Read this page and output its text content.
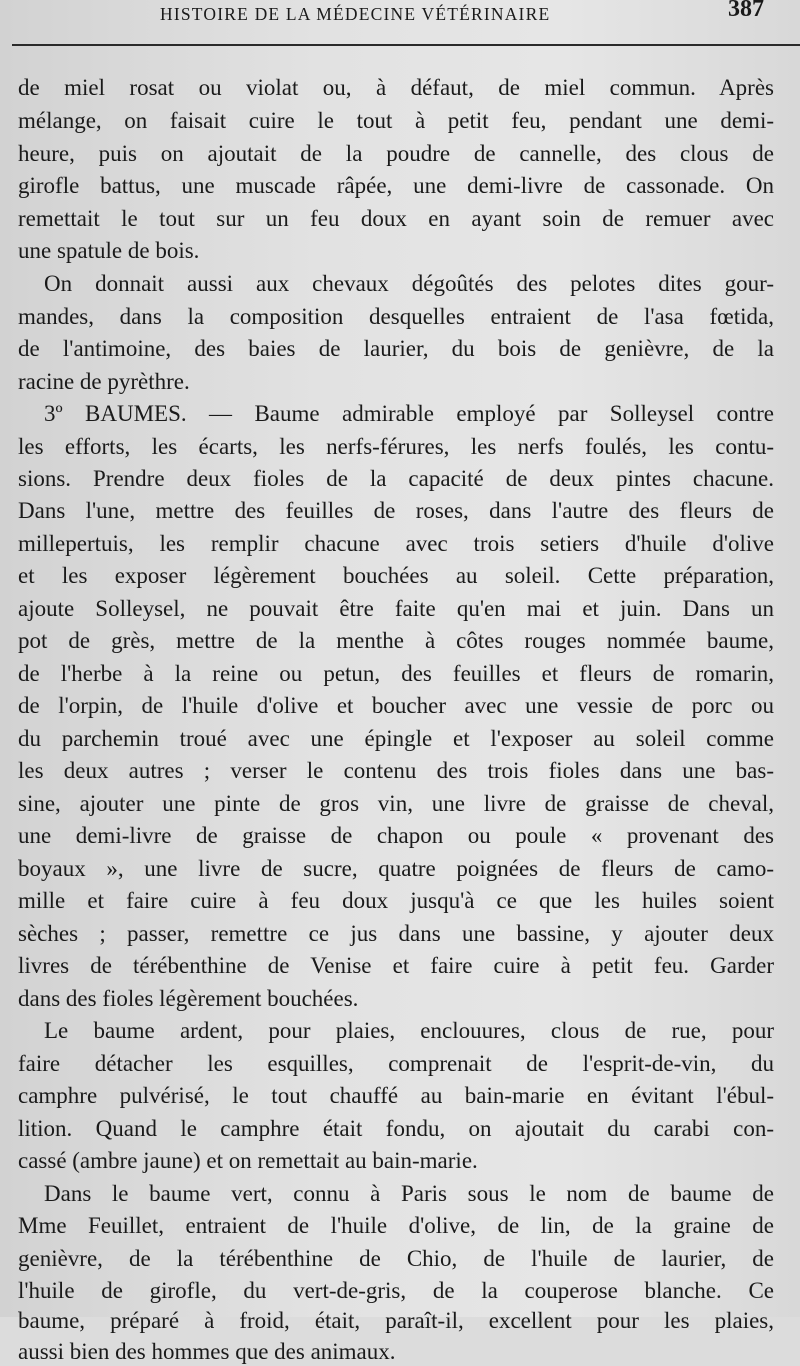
HISTOIRE DE LA MÉDECINE VÉTÉRINAIRE	387
de miel rosat ou violat ou, à défaut, de miel commun. Après
mélange, on faisait cuire le tout à petit feu, pendant une demi-
heure, puis on ajoutait de la poudre de cannelle, des clous de
girofle battus, une muscade râpée, une demi-livre de cassonade. On
remettait le tout sur un feu doux en ayant soin de remuer avec
une spatule de bois.
On donnait aussi aux chevaux dégoûtés des pelotes dites gour-
mandes, dans la composition desquelles entraient de l'asa fœtida,
de l'antimoine, des baies de laurier, du bois de genièvre, de la
racine de pyrèthre.
3º BAUMES. — Baume admirable employé par Solleysel contre
les efforts, les écarts, les nerfs-férures, les nerfs foulés, les contu-
sions. Prendre deux fioles de la capacité de deux pintes chacune.
Dans l'une, mettre des feuilles de roses, dans l'autre des fleurs de
millepertuis, les remplir chacune avec trois setiers d'huile d'olive
et les exposer légèrement bouchées au soleil. Cette préparation,
ajoute Solleysel, ne pouvait être faite qu'en mai et juin. Dans un
pot de grès, mettre de la menthe à côtes rouges nommée baume,
de l'herbe à la reine ou petun, des feuilles et fleurs de romarin,
de l'orpin, de l'huile d'olive et boucher avec une vessie de porc ou
du parchemin troué avec une épingle et l'exposer au soleil comme
les deux autres ; verser le contenu des trois fioles dans une bas-
sine, ajouter une pinte de gros vin, une livre de graisse de cheval,
une demi-livre de graisse de chapon ou poule « provenant des
boyaux », une livre de sucre, quatre poignées de fleurs de camo-
mille et faire cuire à feu doux jusqu'à ce que les huiles soient
sèches ; passer, remettre ce jus dans une bassine, y ajouter deux
livres de térébenthine de Venise et faire cuire à petit feu. Garder
dans des fioles légèrement bouchées.
Le baume ardent, pour plaies, enclouures, clous de rue, pour
faire détacher les esquilles, comprenait de l'esprit-de-vin, du
camphre pulvérisé, le tout chauffé au bain-marie en évitant l'ébul-
lition. Quand le camphre était fondu, on ajoutait du carabi con-
cassé (ambre jaune) et on remettait au bain-marie.
Dans le baume vert, connu à Paris sous le nom de baume de
Mme Feuillet, entraient de l'huile d'olive, de lin, de la graine de
genièvre, de la térébenthine de Chio, de l'huile de laurier, de
l'huile de girofle, du vert-de-gris, de la couperose blanche. Ce
baume, préparé à froid, était, paraît-il, excellent pour les plaies,
aussi bien des hommes que des animaux.
